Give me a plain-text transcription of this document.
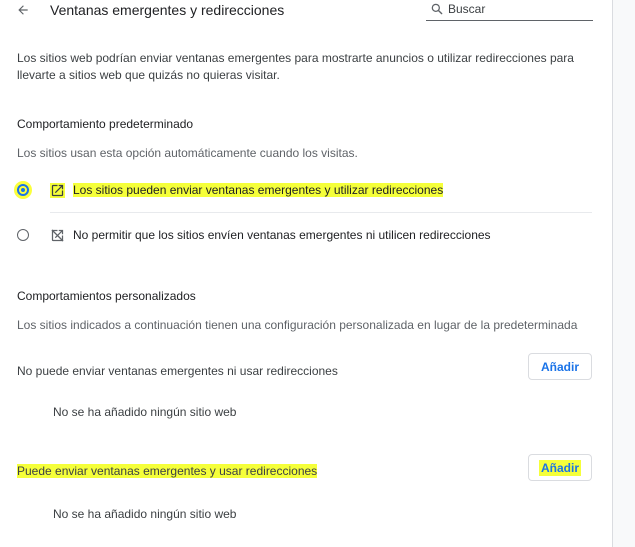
Ventanas emergentes y redirecciones
Buscar
Los sitios web podrían enviar ventanas emergentes para mostrarte anuncios o utilizar redirecciones para llevarte a sitios web que quizás no quieras visitar.
Comportamiento predeterminado
Los sitios usan esta opción automáticamente cuando los visitas.
Los sitios pueden enviar ventanas emergentes y utilizar redirecciones
No permitir que los sitios envíen ventanas emergentes ni utilicen redirecciones
Comportamientos personalizados
Los sitios indicados a continuación tienen una configuración personalizada en lugar de la predeterminada
No puede enviar ventanas emergentes ni usar redirecciones	Añadir
No se ha añadido ningún sitio web
Puede enviar ventanas emergentes y usar redirecciones	Añadir
No se ha añadido ningún sitio web
